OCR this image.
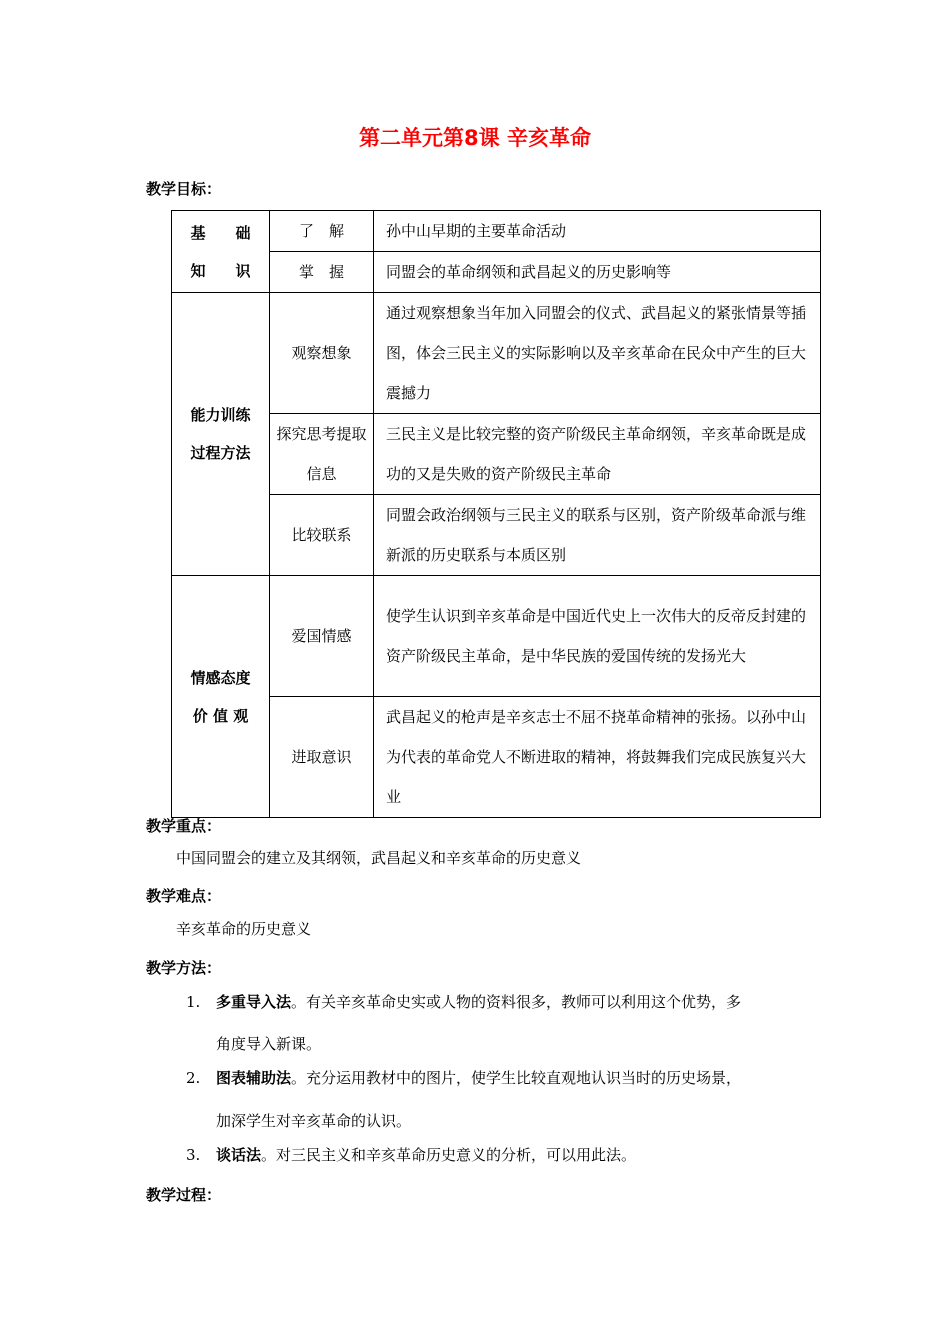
第二单元第8课 辛亥革命
教学目标：
基　　础
知　　识	了　解	孙中山早期的主要革命活动
	掌　握	同盟会的革命纲领和武昌起义的历史影响等

能力训练
过程方法	观察想象	通过观察想象当年加入同盟会的仪式、武昌起义的紧张情景等插图，体会三民主义的实际影响以及辛亥革命在民众中产生的巨大震撼力
	探究思考提取信息	三民主义是比较完整的资产阶级民主革命纲领，辛亥革命既是成功的又是失败的资产阶级民主革命
	比较联系	同盟会政治纲领与三民主义的联系与区别，资产阶级革命派与维新派的历史联系与本质区别

情感态度
价 值 观	爱国情感	使学生认识到辛亥革命是中国近代史上一次伟大的反帝反封建的资产阶级民主革命，是中华民族的爱国传统的发扬光大
	进取意识	武昌起义的枪声是辛亥志士不屈不挠革命精神的张扬。以孙中山为代表的革命党人不断进取的精神，将鼓舞我们完成民族复兴大业
教学重点：
中国同盟会的建立及其纲领，武昌起义和辛亥革命的历史意义
教学难点：
辛亥革命的历史意义
教学方法：
1. 多重导入法。有关辛亥革命史实或人物的资料很多，教师可以利用这个优势，多
角度导入新课。
2. 图表辅助法。充分运用教材中的图片，使学生比较直观地认识当时的历史场景，
加深学生对辛亥革命的认识。
3. 谈话法。对三民主义和辛亥革命历史意义的分析，可以用此法。
教学过程：
